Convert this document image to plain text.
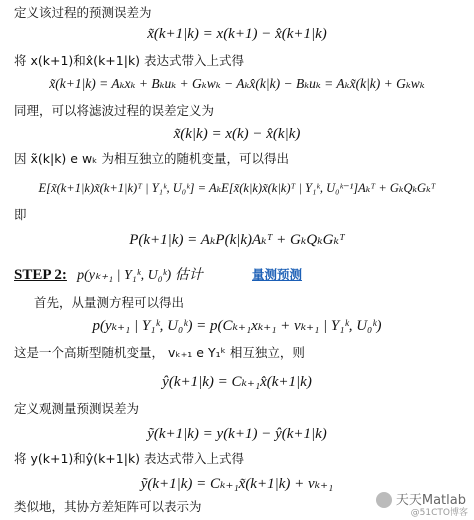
定义该过程的预测误差为
x̃(k+1|k) = x(k+1) − x̂(k+1|k)
将 x(k+1)和x̂(k+1|k) 表达式带入上式得
x̃(k+1|k) = Aₖxₖ + Bₖuₖ + Gₖwₖ − Aₖx̂(k|k) − Bₖuₖ = Aₖx̃(k|k) + Gₖwₖ
同理，可以将滤波过程的误差定义为
x̃(k|k) = x(k) − x̂(k|k)
因 x̃(k|k) e wₖ 为相互独立的随机变量，可以得出
E[x̃(k+1|k)x̃(k+1|k)ᵀ | Y₁ᵏ, U₀ᵏ] = AₖE[x̃(k|k)x̃(k|k)ᵀ | Y₁ᵏ, U₀ᵏ⁻¹]Aₖᵀ + GₖQₖGₖᵀ
即
P(k+1|k) = AₖP(k|k)Aₖᵀ + GₖQₖGₖᵀ
STEP 2: p(yₖ₊₁ | Y₁ᵏ, U₀ᵏ) 估计	量测预测
首先，从量测方程可以得出
p(yₖ₊₁ | Y₁ᵏ, U₀ᵏ) = p(Cₖ₊₁xₖ₊₁ + vₖ₊₁ | Y₁ᵏ, U₀ᵏ)
这是一个高斯型随机变量， vₖ₊₁ e Y₁ᵏ 相互独立，则
ŷ(k+1|k) = Cₖ₊₁x̂(k+1|k)
定义观测量预测误差为
ỹ(k+1|k) = y(k+1) − ŷ(k+1|k)
将 y(k+1)和ŷ(k+1|k) 表达式带入上式得
ỹ(k+1|k) = Cₖ₊₁x̃(k+1|k) + vₖ₊₁
类似地，其协方差矩阵可以表示为	天天Matlab
@51CTO博客
